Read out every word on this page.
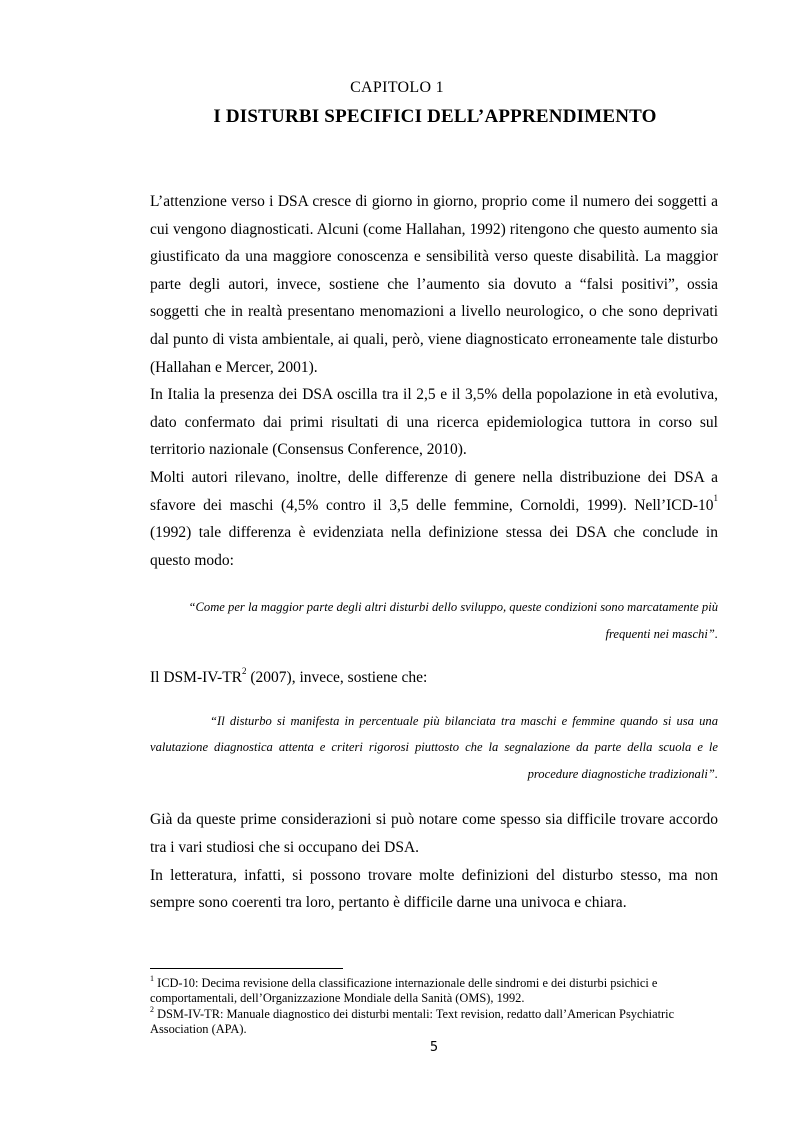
CAPITOLO 1
I DISTURBI SPECIFICI DELL’APPRENDIMENTO

L’attenzione verso i DSA cresce di giorno in giorno, proprio come il numero dei soggetti a cui vengono diagnosticati. Alcuni (come Hallahan, 1992) ritengono che questo aumento sia giustificato da una maggiore conoscenza e sensibilità verso queste disabilità. La maggior parte degli autori, invece, sostiene che l’aumento sia dovuto a “falsi positivi”, ossia soggetti che in realtà presentano menomazioni a livello neurologico, o che sono deprivati dal punto di vista ambientale, ai quali, però, viene diagnosticato erroneamente tale disturbo (Hallahan e Mercer, 2001).

In Italia la presenza dei DSA oscilla tra il 2,5 e il 3,5% della popolazione in età evolutiva, dato confermato dai primi risultati di una ricerca epidemiologica tuttora in corso sul territorio nazionale (Consensus Conference, 2010).

Molti autori rilevano, inoltre, delle differenze di genere nella distribuzione dei DSA a sfavore dei maschi (4,5% contro il 3,5 delle femmine, Cornoldi, 1999). $Nell’ICD-10^1$ (1992) tale differenza è evidenziata nella definizione stessa dei DSA che conclude in questo modo:

“Come per la maggior parte degli altri disturbi dello sviluppo, queste condizioni sono marcatamente più frequenti nei maschi”.

Il DSM-$IV-TR^2$ (2007), invece, sostiene che:

“Il disturbo si manifesta in percentuale più bilanciata tra maschi e femmine quando si usa una valutazione diagnostica attenta e criteri rigorosi piuttosto che la segnalazione da parte della scuola e le procedure diagnostiche tradizionali”.

Già da queste prime considerazioni si può notare come spesso sia difficile trovare accordo tra i vari studiosi che si occupano dei DSA.

In letteratura, infatti, si possono trovare molte definizioni del disturbo stesso, ma non sempre sono coerenti tra loro, pertanto è difficile darne una univoca e chiara.

$^1$ ICD-10: Decima revisione della classificazione internazionale delle sindromi e dei disturbi psichici e comportamentali, dell’Organizzazione Mondiale della Sanità (OMS), 1992.

$^2$ DSM-IV-TR: Manuale diagnostico dei disturbi mentali: Text revision, redatto dall’American Psychiatric Association (APA).

5
